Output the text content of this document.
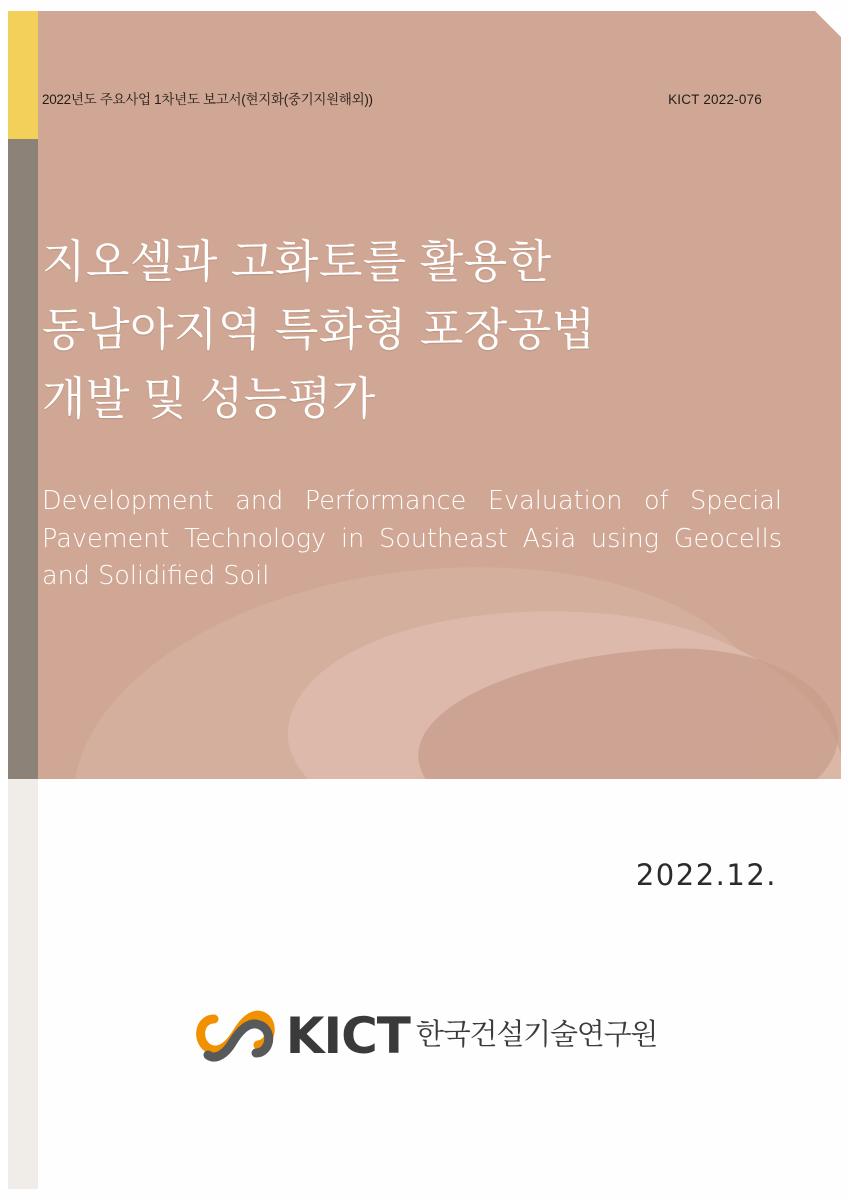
2022년도 주요사업 1차년도 보고서(현지화(중기지원해외))	KICT 2022-076
지오셀과 고화토를 활용한
동남아지역 특화형 포장공법
개발 및 성능평가
Development and Performance Evaluation of Special
Pavement Technology in Southeast Asia using Geocells
and Solidified Soil
2022.12.
KICT 한국건설기술연구원
